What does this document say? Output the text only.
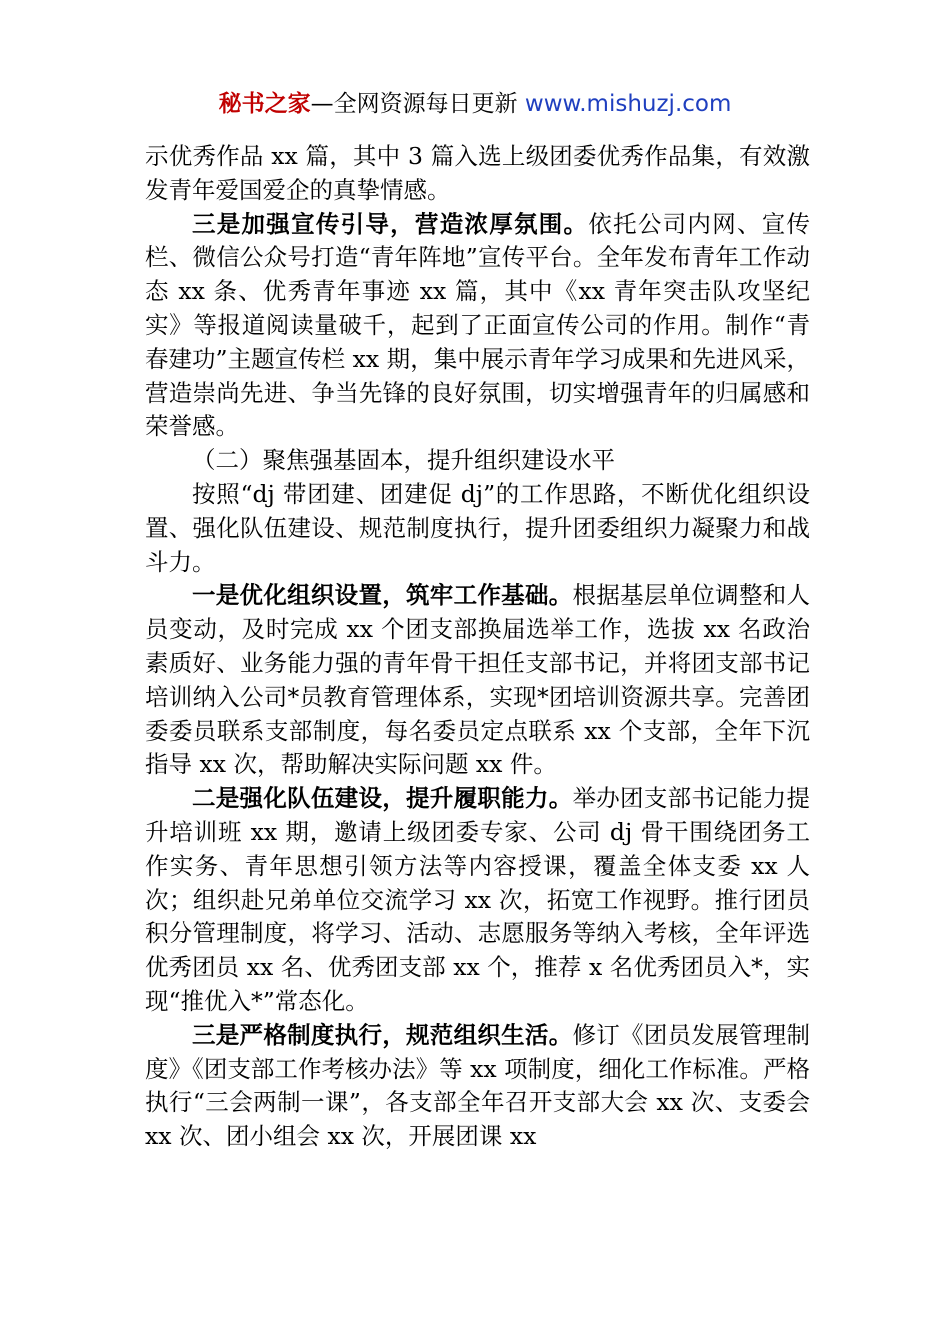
秘书之家—全网资源每日更新 www.mishuzj.com

示优秀作品 xx 篇，其中 3 篇入选上级团委优秀作品集，有效激发青年爱国爱企的真挚情感。

三是加强宣传引导，营造浓厚氛围。依托公司内网、宣传栏、微信公众号打造“青年阵地”宣传平台。全年发布青年工作动态 xx 条、优秀青年事迹 xx 篇，其中《xx 青年突击队攻坚纪实》等报道阅读量破千，起到了正面宣传公司的作用。制作“青春建功”主题宣传栏 xx 期，集中展示青年学习成果和先进风采，营造崇尚先进、争当先锋的良好氛围，切实增强青年的归属感和荣誉感。

（二）聚焦强基固本，提升组织建设水平

按照“dj 带团建、团建促 dj”的工作思路，不断优化组织设置、强化队伍建设、规范制度执行，提升团委组织力凝聚力和战斗力。

一是优化组织设置，筑牢工作基础。根据基层单位调整和人员变动，及时完成 xx 个团支部换届选举工作，选拔 xx 名政治素质好、业务能力强的青年骨干担任支部书记，并将团支部书记培训纳入公司*员教育管理体系，实现*团培训资源共享。完善团委委员联系支部制度，每名委员定点联系 xx 个支部，全年下沉指导 xx 次，帮助解决实际问题 xx 件。

二是强化队伍建设，提升履职能力。举办团支部书记能力提升培训班 xx 期，邀请上级团委专家、公司 dj 骨干围绕团务工作实务、青年思想引领方法等内容授课，覆盖全体支委 xx 人次；组织赴兄弟单位交流学习 xx 次，拓宽工作视野。推行团员积分管理制度，将学习、活动、志愿服务等纳入考核，全年评选优秀团员 xx 名、优秀团支部 xx 个，推荐 x 名优秀团员入*，实现“推优入*”常态化。

三是严格制度执行，规范组织生活。修订《团员发展管理制度》《团支部工作考核办法》等 xx 项制度，细化工作标准。严格执行“三会两制一课”，各支部全年召开支部大会 xx 次、支委会 xx 次、团小组会 xx 次，开展团课 xx
